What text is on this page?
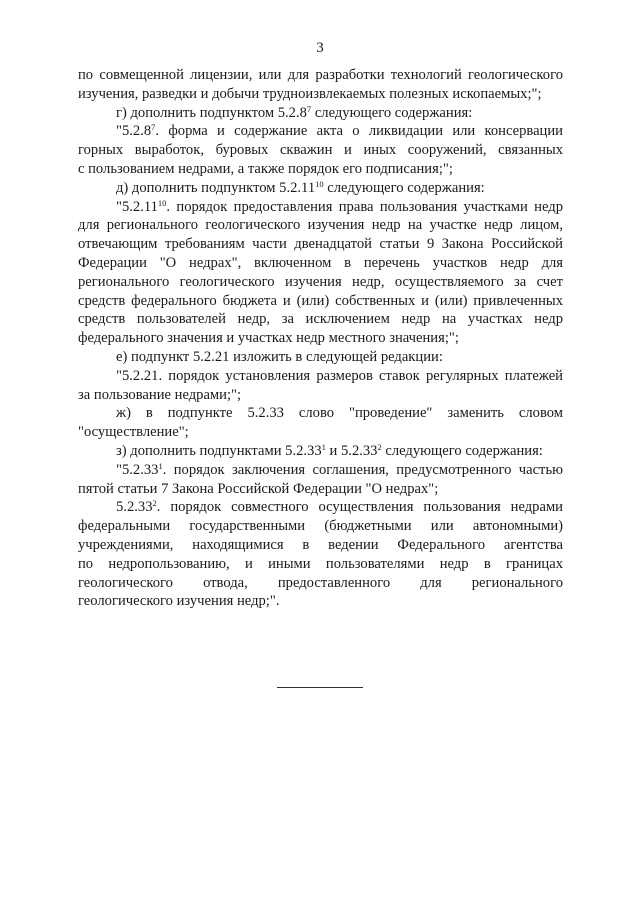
3
по совмещенной лицензии, или для разработки технологий геологического
изучения, разведки и добычи трудноизвлекаемых полезных ископаемых;";
г) дополнить подпунктом 5.2.8$^7$ следующего содержания:
"5.2.8$^7$. форма и содержание акта о ликвидации или консервации
горных выработок, буровых скважин и иных сооружений, связанных
с пользованием недрами, а также порядок его подписания;";
д) дополнить подпунктом 5.2.11$^{10}$ следующего содержания:
"5.2.11$^{10}$. порядок предоставления права пользования участками недр
для регионального геологического изучения недр на участке недр лицом,
отвечающим требованиям части двенадцатой статьи 9 Закона Российской
Федерации "О недрах", включенном в перечень участков недр для
регионального геологического изучения недр, осуществляемого за счет
средств федерального бюджета и (или) собственных и (или) привлеченных
средств пользователей недр, за исключением недр на участках недр
федерального значения и участках недр местного значения;";
е) подпункт 5.2.21 изложить в следующей редакции:
"5.2.21. порядок установления размеров ставок регулярных платежей
за пользование недрами;";
ж) в подпункте 5.2.33 слово "проведение" заменить словом
"осуществление";
з) дополнить подпунктами 5.2.33$^1$ и 5.2.33$^2$ следующего содержания:
"5.2.33$^1$. порядок заключения соглашения, предусмотренного частью
пятой статьи 7 Закона Российской Федерации "О недрах";
5.2.33$^2$. порядок совместного осуществления пользования недрами
федеральными государственными (бюджетными или автономными)
учреждениями, находящимися в ведении Федерального агентства
по недропользованию, и иными пользователями недр в границах
геологического отвода, предоставленного для регионального
геологического изучения недр;".
